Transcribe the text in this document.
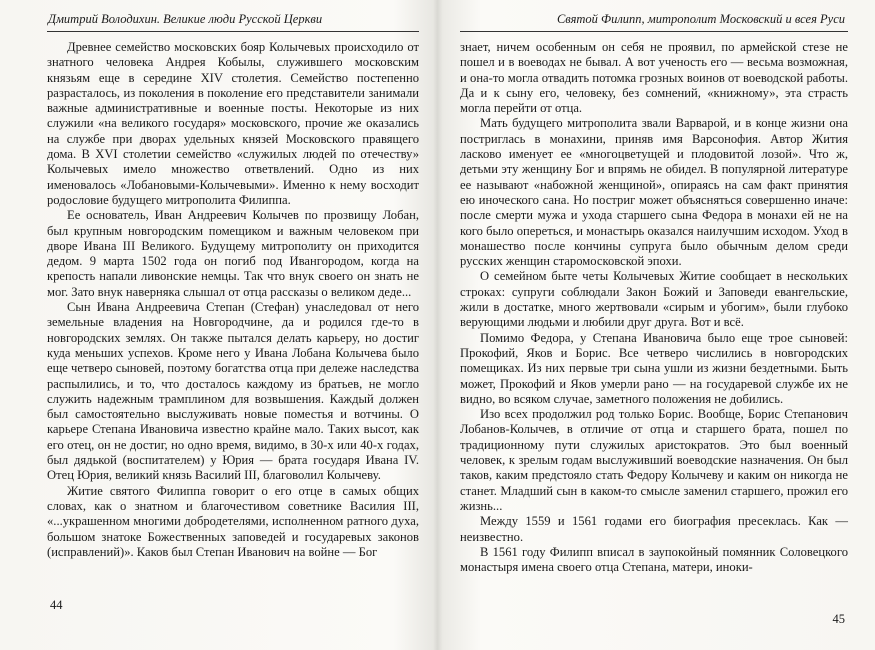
Дмитрий Володихин. Великие люди Русской Церкви

Древнее семейство московских бояр Колычевых происходило от знатного человека Андрея Кобылы, служившего московским князьям еще в середине XIV столетия. Семейство постепенно разрасталось, из поколения в поколение его представители занимали важные административные и военные посты. Некоторые из них служили «на великого государя» московского, прочие же оказались на службе при дворах удельных князей Московского правящего дома. В XVI столетии семейство «служилых людей по отечеству» Колычевых имело множество ответвлений. Одно из них именовалось «Лобановыми-Колычевыми». Именно к нему восходит родословие будущего митрополита Филиппа.

Ее основатель, Иван Андреевич Колычев по прозвищу Лобан, был крупным новгородским помещиком и важным человеком при дворе Ивана III Великого. Будущему митрополиту он приходится дедом. 9 марта 1502 года он погиб под Ивангородом, когда на крепость напали ливонские немцы. Так что внук своего он знать не мог. Зато внук наверняка слышал от отца рассказы о великом деде...

Сын Ивана Андреевича Степан (Стефан) унаследовал от него земельные владения на Новгородчине, да и родился где-то в новгородских землях. Он также пытался делать карьеру, но достиг куда меньших успехов. Кроме него у Ивана Лобана Колычева было еще четверо сыновей, поэтому богатства отца при дележе наследства распылились, и то, что досталось каждому из братьев, не могло служить надежным трамплином для возвышения. Каждый должен был самостоятельно выслуживать новые поместья и вотчины. О карьере Степана Ивановича известно крайне мало. Таких высот, как его отец, он не достиг, но одно время, видимо, в 30-х или 40-х годах, был дядькой (воспитателем) у Юрия — брата государя Ивана IV. Отец Юрия, великий князь Василий III, благоволил Колычеву.

Житие святого Филиппа говорит о его отце в самых общих словах, как о знатном и благочестивом советнике Василия III, «...украшенном многими добродетелями, исполненном ратного духа, большом знатоке Божественных заповедей и государевых законов (исправлений)». Каков был Степан Иванович на войне — Бог

44
Святой Филипп, митрополит Московский и всея Руси

знает, ничем особенным он себя не проявил, по армейской стезе не пошел и в воеводах не бывал. А вот ученость его — весьма возможная, и она-то могла отвадить потомка грозных воинов от воеводской работы. Да и к сыну его, человеку, без сомнений, «книжному», эта страсть могла перейти от отца.

Мать будущего митрополита звали Варварой, и в конце жизни она постриглась в монахини, приняв имя Варсонофия. Автор Жития ласково именует ее «многоцветущей и плодовитой лозой». Что ж, детьми эту женщину Бог и впрямь не обидел. В популярной литературе ее называют «набожной женщиной», опираясь на сам факт принятия ею иноческого сана. Но постриг может объясняться совершенно иначе: после смерти мужа и ухода старшего сына Федора в монахи ей не на кого было опереться, и монастырь оказался наилучшим исходом. Уход в монашество после кончины супруга было обычным делом среди русских женщин старомосковской эпохи.

О семейном быте четы Колычевых Житие сообщает в нескольких строках: супруги соблюдали Закон Божий и Заповеди евангельские, жили в достатке, много жертвовали «сирым и убогим», были глубоко верующими людьми и любили друг друга. Вот и всё.

Помимо Федора, у Степана Ивановича было еще трое сыновей: Прокофий, Яков и Борис. Все четверо числились в новгородских помещиках. Из них первые три сына ушли из жизни бездетными. Быть может, Прокофий и Яков умерли рано — на государевой службе их не видно, во всяком случае, заметного положения не добились.

Изо всех продолжил род только Борис. Вообще, Борис Степанович Лобанов-Колычев, в отличие от отца и старшего брата, пошел по традиционному пути служилых аристократов. Это был военный человек, к зрелым годам выслуживший воеводские назначения. Он был таков, каким предстояло стать Федору Колычеву и каким он никогда не станет. Младший сын в каком-то смысле заменил старшего, прожил его жизнь...

Между 1559 и 1561 годами его биография пресеклась. Как — неизвестно.

В 1561 году Филипп вписал в заупокойный помянник Соловецкого монастыря имена своего отца Степана, матери, иноки-

45
